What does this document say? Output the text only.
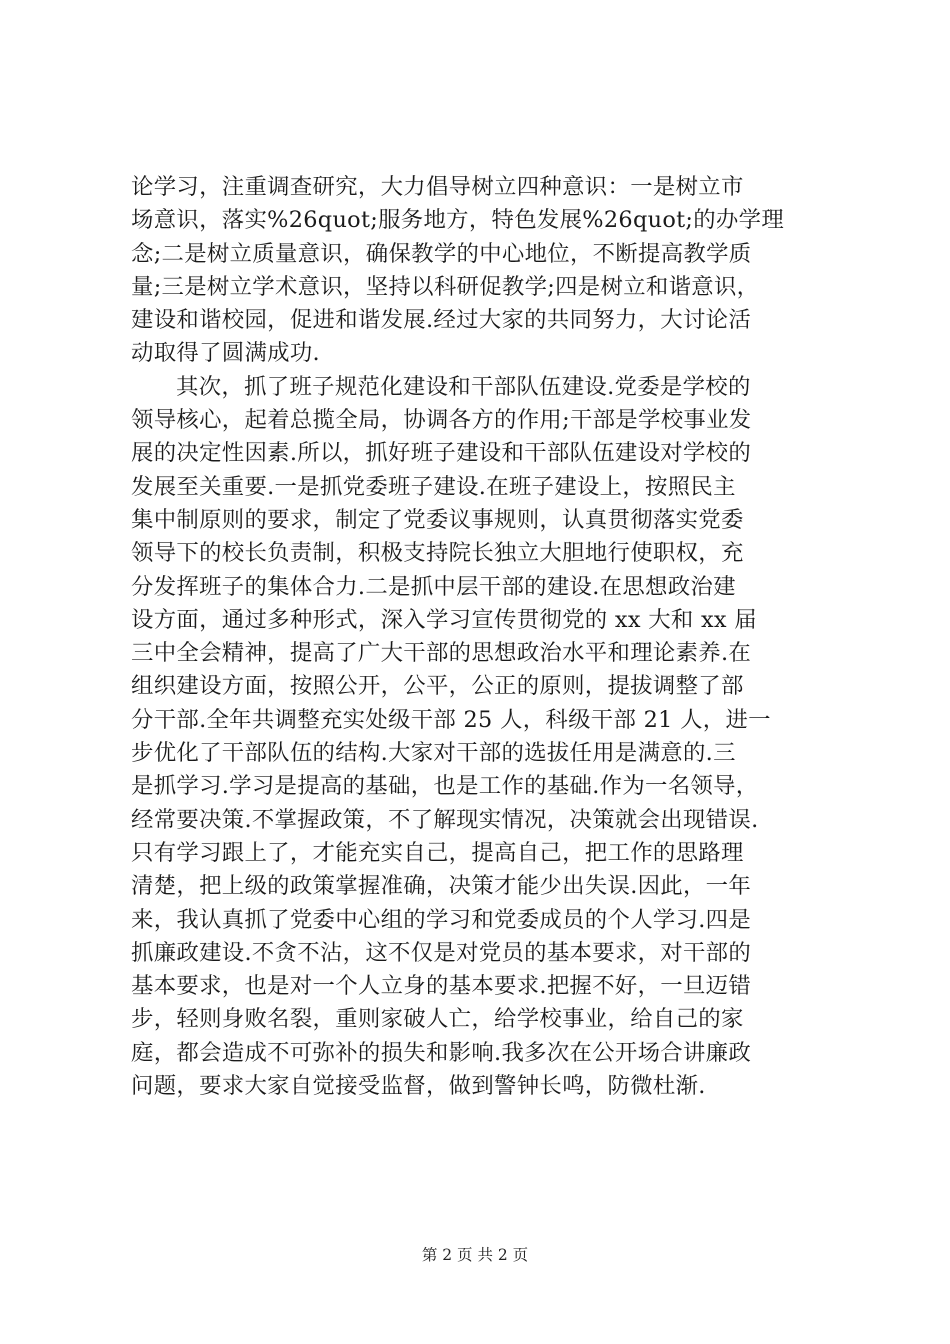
论学习，注重调查研究，大力倡导树立四种意识：一是树立市
场意识，落实%26quot;服务地方，特色发展%26quot;的办学理
念;二是树立质量意识，确保教学的中心地位，不断提高教学质
量;三是树立学术意识，坚持以科研促教学;四是树立和谐意识，
建设和谐校园，促进和谐发展.经过大家的共同努力，大讨论活
动取得了圆满成功.
其次，抓了班子规范化建设和干部队伍建设.党委是学校的
领导核心，起着总揽全局，协调各方的作用;干部是学校事业发
展的决定性因素.所以，抓好班子建设和干部队伍建设对学校的
发展至关重要.一是抓党委班子建设.在班子建设上，按照民主
集中制原则的要求，制定了党委议事规则，认真贯彻落实党委
领导下的校长负责制，积极支持院长独立大胆地行使职权，充
分发挥班子的集体合力.二是抓中层干部的建设.在思想政治建
设方面，通过多种形式，深入学习宣传贯彻党的 xx 大和 xx 届
三中全会精神，提高了广大干部的思想政治水平和理论素养.在
组织建设方面，按照公开，公平，公正的原则，提拔调整了部
分干部.全年共调整充实处级干部 25 人，科级干部 21 人，进一
步优化了干部队伍的结构.大家对干部的选拔任用是满意的.三
是抓学习.学习是提高的基础，也是工作的基础.作为一名领导，
经常要决策.不掌握政策，不了解现实情况，决策就会出现错误.
只有学习跟上了，才能充实自己，提高自己，把工作的思路理
清楚，把上级的政策掌握准确，决策才能少出失误.因此，一年
来，我认真抓了党委中心组的学习和党委成员的个人学习.四是
抓廉政建设.不贪不沾，这不仅是对党员的基本要求，对干部的
基本要求，也是对一个人立身的基本要求.把握不好，一旦迈错
步，轻则身败名裂，重则家破人亡，给学校事业，给自己的家
庭，都会造成不可弥补的损失和影响.我多次在公开场合讲廉政
问题，要求大家自觉接受监督，做到警钟长鸣，防微杜渐.
第 2 页 共 2 页
